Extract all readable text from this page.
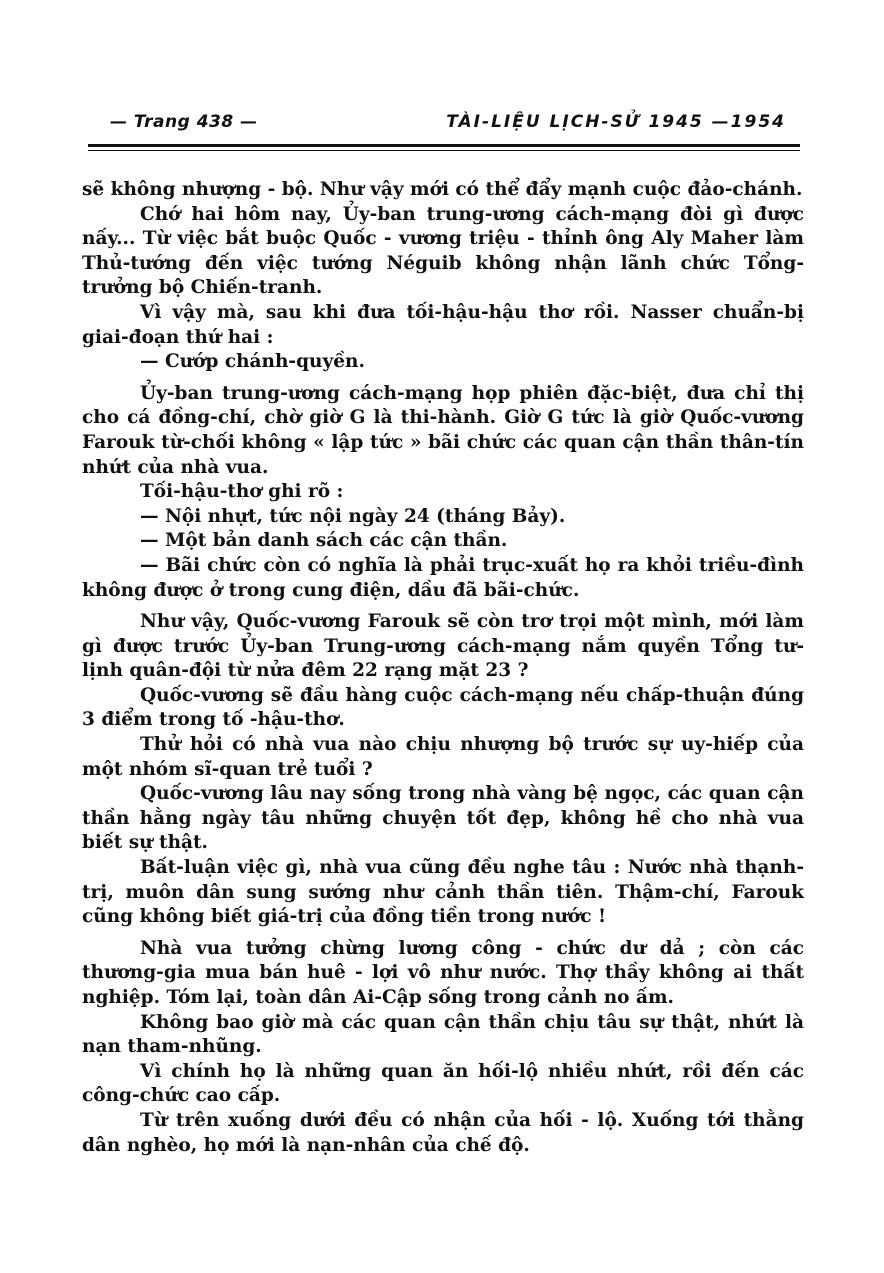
— Trang 438 —	TÀI-LIỆU LỊCH-SỬ 1945 —1954

sẽ không nhượng - bộ. Như vậy mới có thể đẩy mạnh cuộc đảo-chánh.

Chớ hai hôm nay, Ủy-ban trung-ương cách-mạng đòi gì được nấy... Từ việc bắt buộc Quốc - vương triệu - thỉnh ông Aly Maher làm Thủ-tướng đến việc tướng Néguib không nhận lãnh chức Tổng-trưởng bộ Chiến-tranh.

Vì vậy mà, sau khi đưa tối-hậu-hậu thơ rồi. Nasser chuẩn-bị giai-đoạn thứ hai :

— Cướp chánh-quyền.

Ủy-ban trung-ương cách-mạng họp phiên đặc-biệt, đưa chỉ thị cho cá đồng-chí, chờ giờ G là thi-hành. Giờ G tức là giờ Quốc-vương Farouk từ-chối không « lập tức » bãi chức các quan cận thần thân-tín nhứt của nhà vua.

Tối-hậu-thơ ghi rõ :

— Nội nhựt, tức nội ngày 24 (tháng Bảy).

— Một bản danh sách các cận thần.

— Bãi chức còn có nghĩa là phải trục-xuất họ ra khỏi triều-đình không được ở trong cung điện, dầu đã bãi-chức.

Như vậy, Quốc-vương Farouk sẽ còn trơ trọi một mình, mới làm gì được trước Ủy-ban Trung-ương cách-mạng nắm quyền Tổng tư-lịnh quân-đội từ nửa đêm 22 rạng mặt 23 ?

Quốc-vương sẽ đầu hàng cuộc cách-mạng nếu chấp-thuận đúng 3 điểm trong tố -hậu-thơ.

Thử hỏi có nhà vua nào chịu nhượng bộ trước sự uy-hiếp của một nhóm sĩ-quan trẻ tuổi ?

Quốc-vương lâu nay sống trong nhà vàng bệ ngọc, các quan cận thần hằng ngày tâu những chuyện tốt đẹp, không hề cho nhà vua biết sự thật.

Bất-luận việc gì, nhà vua cũng đều nghe tâu : Nước nhà thạnh-trị, muôn dân sung sướng như cảnh thần tiên. Thậm-chí, Farouk cũng không biết giá-trị của đồng tiền trong nước !

Nhà vua tưởng chừng lương công - chức dư dả ; còn các thương-gia mua bán huê - lợi vô như nước. Thợ thầy không ai thất nghiệp. Tóm lại, toàn dân Ai-Cập sống trong cảnh no ấm.

Không bao giờ mà các quan cận thần chịu tâu sự thật, nhứt là nạn tham-nhũng.

Vì chính họ là những quan ăn hối-lộ nhiều nhứt, rồi đến các công-chức cao cấp.

Từ trên xuống dưới đều có nhận của hối - lộ. Xuống tới thằng dân nghèo, họ mới là nạn-nhân của chế độ.
